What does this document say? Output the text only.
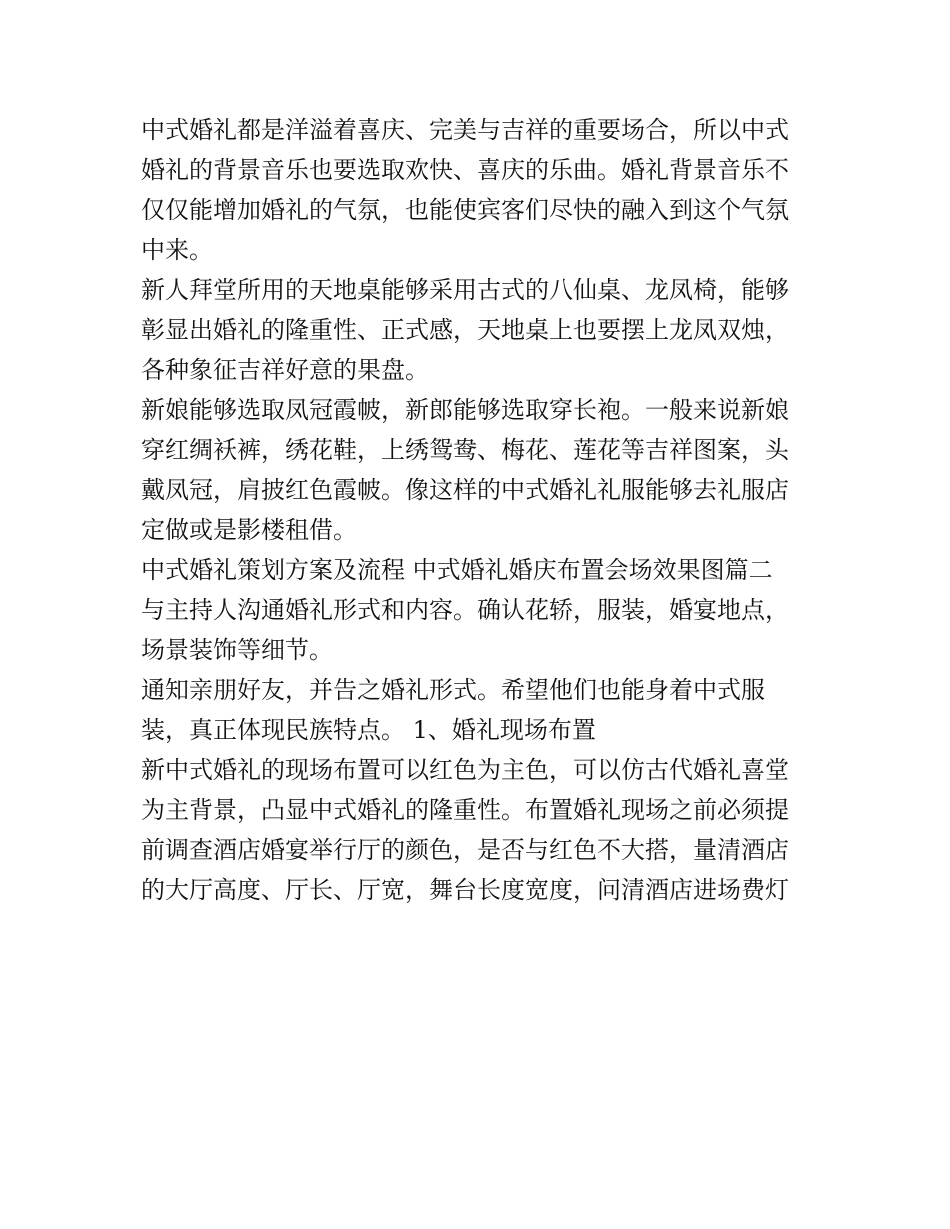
中式婚礼都是洋溢着喜庆、完美与吉祥的重要场合，所以中式
婚礼的背景音乐也要选取欢快、喜庆的乐曲。婚礼背景音乐不
仅仅能增加婚礼的气氛，也能使宾客们尽快的融入到这个气氛
中来。
新人拜堂所用的天地桌能够采用古式的八仙桌、龙凤椅，能够
彰显出婚礼的隆重性、正式感，天地桌上也要摆上龙凤双烛，
各种象征吉祥好意的果盘。
新娘能够选取凤冠霞帔，新郎能够选取穿长袍。一般来说新娘
穿红绸袄裤，绣花鞋，上绣鸳鸯、梅花、莲花等吉祥图案，头
戴凤冠，肩披红色霞帔。像这样的中式婚礼礼服能够去礼服店
定做或是影楼租借。
中式婚礼策划方案及流程 中式婚礼婚庆布置会场效果图篇二
与主持人沟通婚礼形式和内容。确认花轿，服装，婚宴地点，
场景装饰等细节。
通知亲朋好友，并告之婚礼形式。希望他们也能身着中式服
装，真正体现民族特点。 1、婚礼现场布置
新中式婚礼的现场布置可以红色为主色，可以仿古代婚礼喜堂
为主背景，凸显中式婚礼的隆重性。布置婚礼现场之前必须提
前调查酒店婚宴举行厅的颜色，是否与红色不大搭，量清酒店
的大厅高度、厅长、厅宽，舞台长度宽度，问清酒店进场费灯
